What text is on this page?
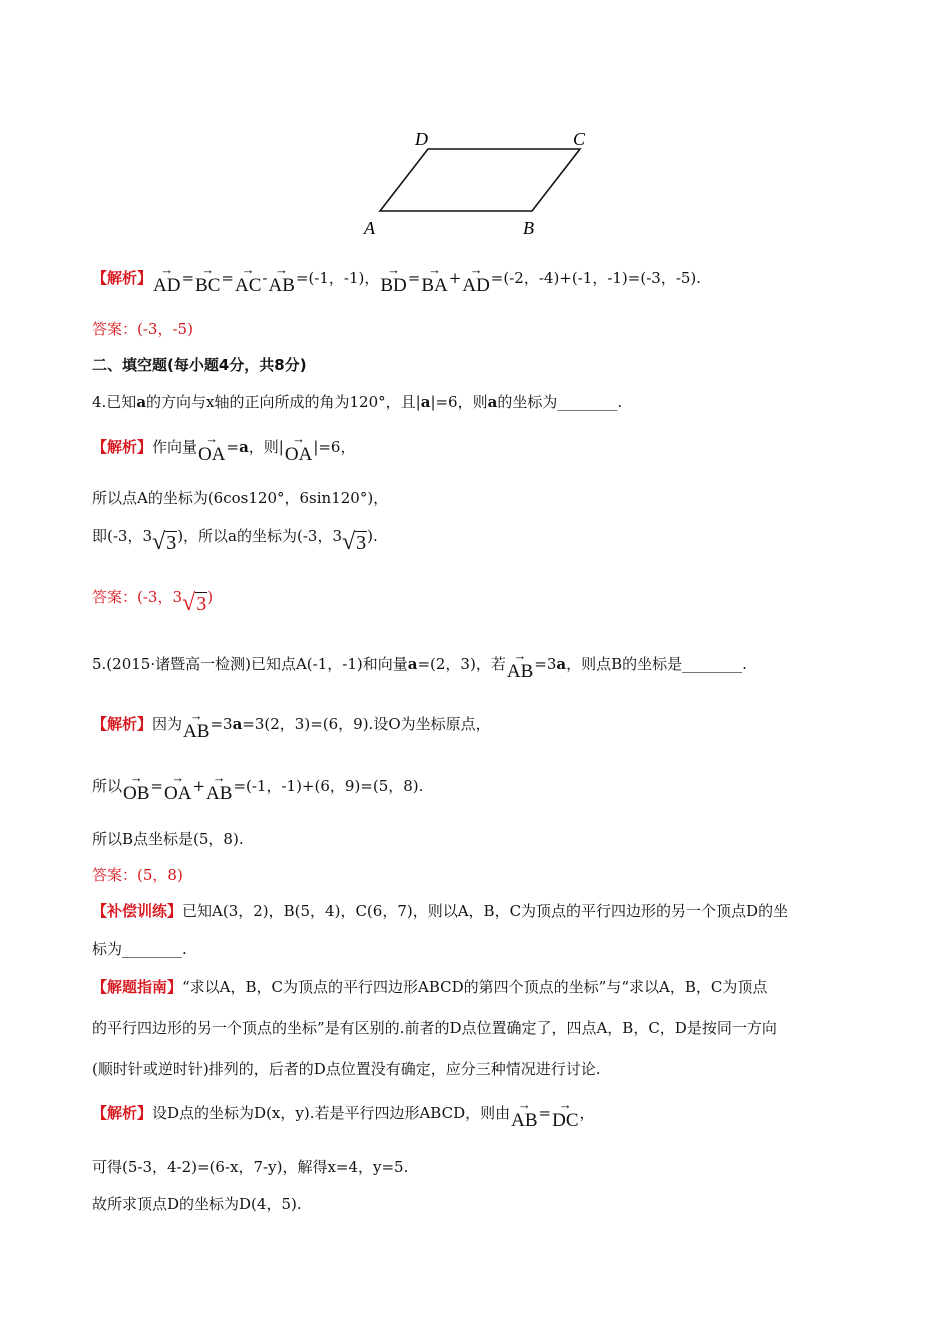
D	C
A	B
【解析】 →
AD= →
BC= →
AC- →
AB=(-1，-1)， →
BD= →
BA+ →
AD=(-2，-4)+(-1，-1)=(-3，-5).
答案：(-3，-5)
二、填空题(每小题4分，共8分)
4.已知a的方向与x轴的正向所成的角为120°，且|a|=6，则a的坐标为________.
【解析】作向量 →
OA=a，则| →
OA|=6，
所以点A的坐标为(6cos120°，6sin120°)，
即(-3，3√3)，所以a的坐标为(-3，3√3).
答案：(-3，3√3)
5.(2015·诸暨高一检测)已知点A(-1，-1)和向量a=(2，3)，若 →
AB=3a，则点B的坐标是________.
【解析】因为 →
AB=3a=3(2，3)=(6，9).设O为坐标原点，
所以 →
OB= →
OA+ →
AB=(-1，-1)+(6，9)=(5，8).
所以B点坐标是(5，8).
答案：(5，8)
【补偿训练】已知A(3，2)，B(5，4)，C(6，7)，则以A，B，C为顶点的平行四边形的另一个顶点D的坐
标为________.
【解题指南】“求以A，B，C为顶点的平行四边形ABCD的第四个顶点的坐标”与“求以A，B，C为顶点
的平行四边形的另一个顶点的坐标”是有区别的.前者的D点位置确定了，四点A，B，C，D是按同一方向
(顺时针或逆时针)排列的，后者的D点位置没有确定，应分三种情况进行讨论.
【解析】设D点的坐标为D(x，y).若是平行四边形ABCD，则由 →
AB= →
DC，
可得(5-3，4-2)=(6-x，7-y)，解得x=4，y=5.
故所求顶点D的坐标为D(4，5).
